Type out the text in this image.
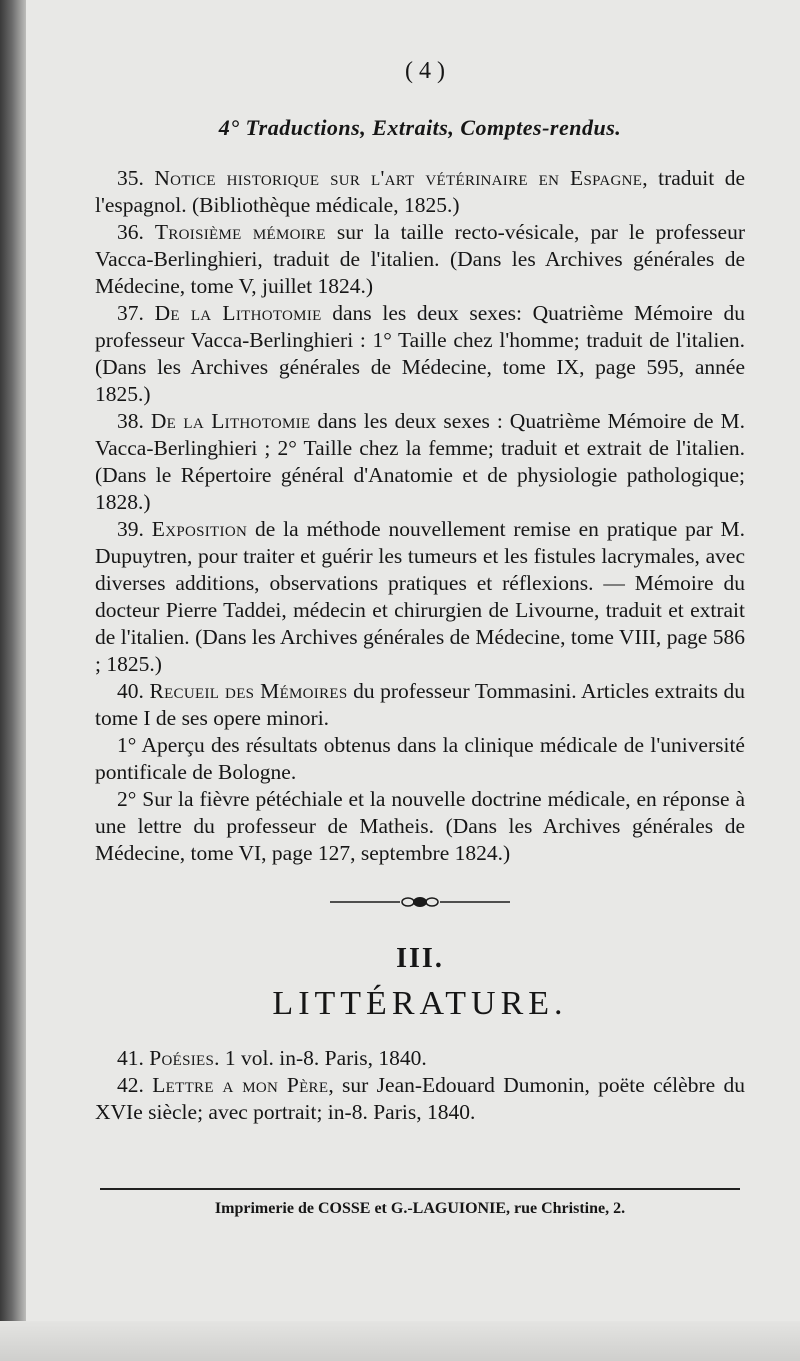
( 4 )
4° Traductions, Extraits, Comptes-rendus.

35. Notice historique sur l'art vétérinaire en Espagne, traduit de l'espagnol. (Bibliothèque médicale, 1825.)

36. Troisième mémoire sur la taille recto-vésicale, par le professeur Vacca-Berlinghieri, traduit de l'italien. (Dans les Archives générales de Médecine, tome V, juillet 1824.)

37. De la Lithotomie dans les deux sexes: Quatrième Mémoire du professeur Vacca-Berlinghieri : 1° Taille chez l'homme; traduit de l'italien. (Dans les Archives générales de Médecine, tome IX, page 595, année 1825.)

38. De la Lithotomie dans les deux sexes : Quatrième Mémoire de M. Vacca-Berlinghieri ; 2° Taille chez la femme; traduit et extrait de l'italien. (Dans le Répertoire général d'Anatomie et de physiologie pathologique; 1828.)

39. Exposition de la méthode nouvellement remise en pratique par M. Dupuytren, pour traiter et guérir les tumeurs et les fistules lacrymales, avec diverses additions, observations pratiques et réflexions. — Mémoire du docteur Pierre Taddei, médecin et chirurgien de Livourne, traduit et extrait de l'italien. (Dans les Archives générales de Médecine, tome VIII, page 586 ; 1825.)

40. Recueil des Mémoires du professeur Tommasini. Articles extraits du tome I de ses opere minori.

1° Aperçu des résultats obtenus dans la clinique médicale de l'université pontificale de Bologne.

2° Sur la fièvre pétéchiale et la nouvelle doctrine médicale, en réponse à une lettre du professeur de Matheis. (Dans les Archives générales de Médecine, tome VI, page 127, septembre 1824.)

III.
LITTÉRATURE.

41. Poésies. 1 vol. in-8. Paris, 1840.

42. Lettre a mon Père, sur Jean-Edouard Dumonin, poëte célèbre du XVIe siècle; avec portrait; in-8. Paris, 1840.

Imprimerie de COSSE et G.-LAGUIONIE, rue Christine, 2.
